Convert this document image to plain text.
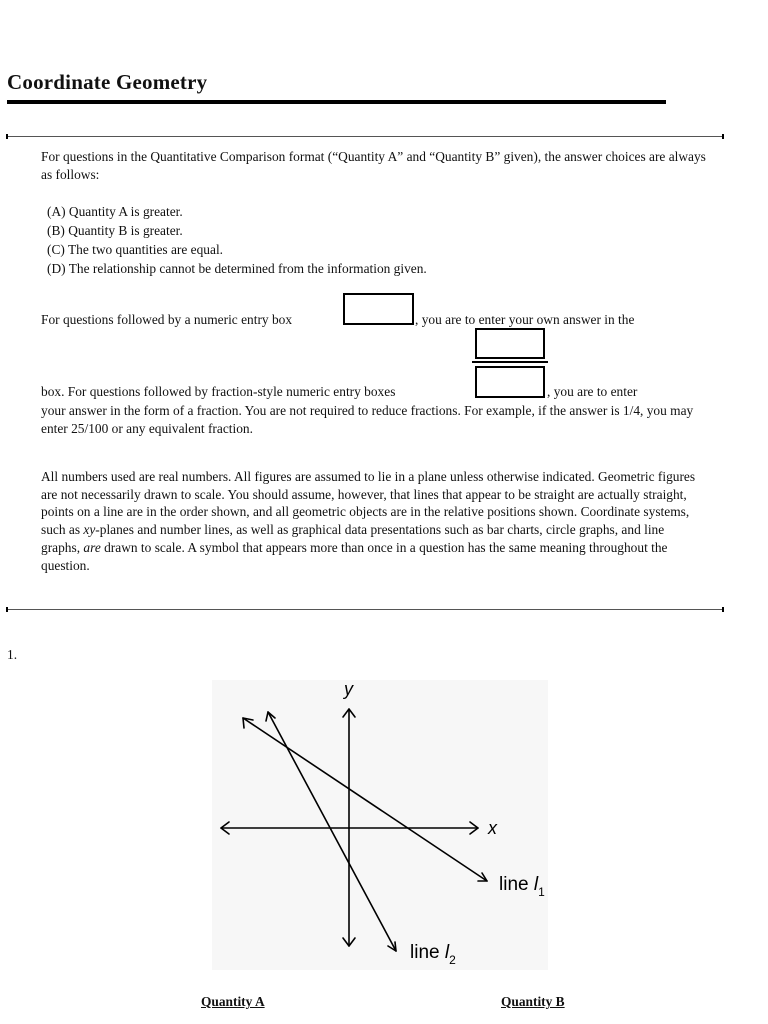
Coordinate Geometry
For questions in the Quantitative Comparison format (“Quantity A” and “Quantity B” given), the answer choices are always as follows:
(A) Quantity A is greater.
(B) Quantity B is greater.
(C) The two quantities are equal.
(D) The relationship cannot be determined from the information given.
For questions followed by a numeric entry box	, you are to enter your own answer in the
box. For questions followed by fraction-style numeric entry boxes	, you are to enter
your answer in the form of a fraction. You are not required to reduce fractions. For example, if the answer is 1/4, you may enter 25/100 or any equivalent fraction.
All numbers used are real numbers. All figures are assumed to lie in a plane unless otherwise indicated. Geometric figures are not necessarily drawn to scale. You should assume, however, that lines that appear to be straight are actually straight, points on a line are in the order shown, and all geometric objects are in the relative positions shown. Coordinate systems, such as xy-planes and number lines, as well as graphical data presentations such as bar charts, circle graphs, and line graphs, are drawn to scale. A symbol that appears more than once in a question has the same meaning throughout the question.
1.
y
x
line $l_1$
line $l_2$
Quantity A	Quantity B
